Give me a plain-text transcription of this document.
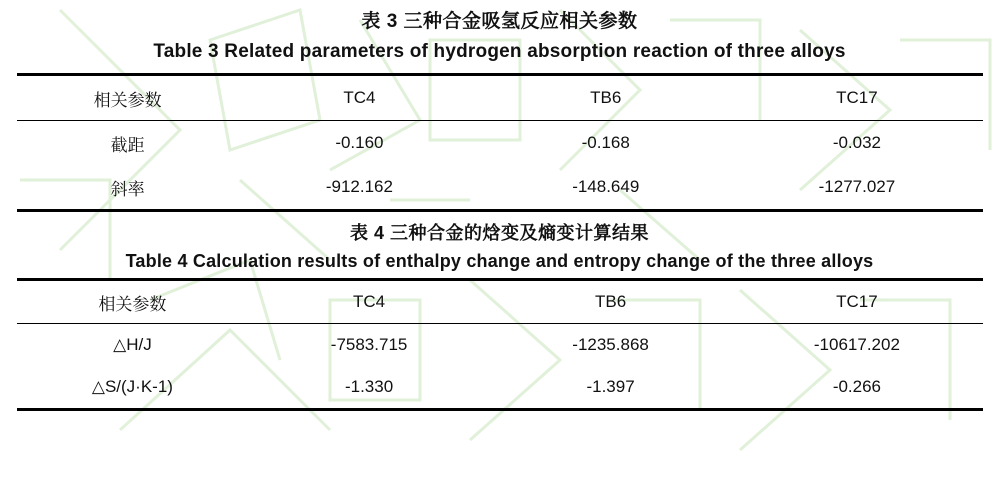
表 3 三种合金吸氢反应相关参数
Table 3 Related parameters of hydrogen absorption reaction of three alloys
相关参数	TC4	TB6	TC17
截距	-0.160	-0.168	-0.032
斜率	-912.162	-148.649	-1277.027
表 4 三种合金的焓变及熵变计算结果
Table 4 Calculation results of enthalpy change and entropy change of the three alloys
相关参数	TC4	TB6	TC17
△H/J	-7583.715	-1235.868	-10617.202
△S/(J·K-1)	-1.330	-1.397	-0.266
